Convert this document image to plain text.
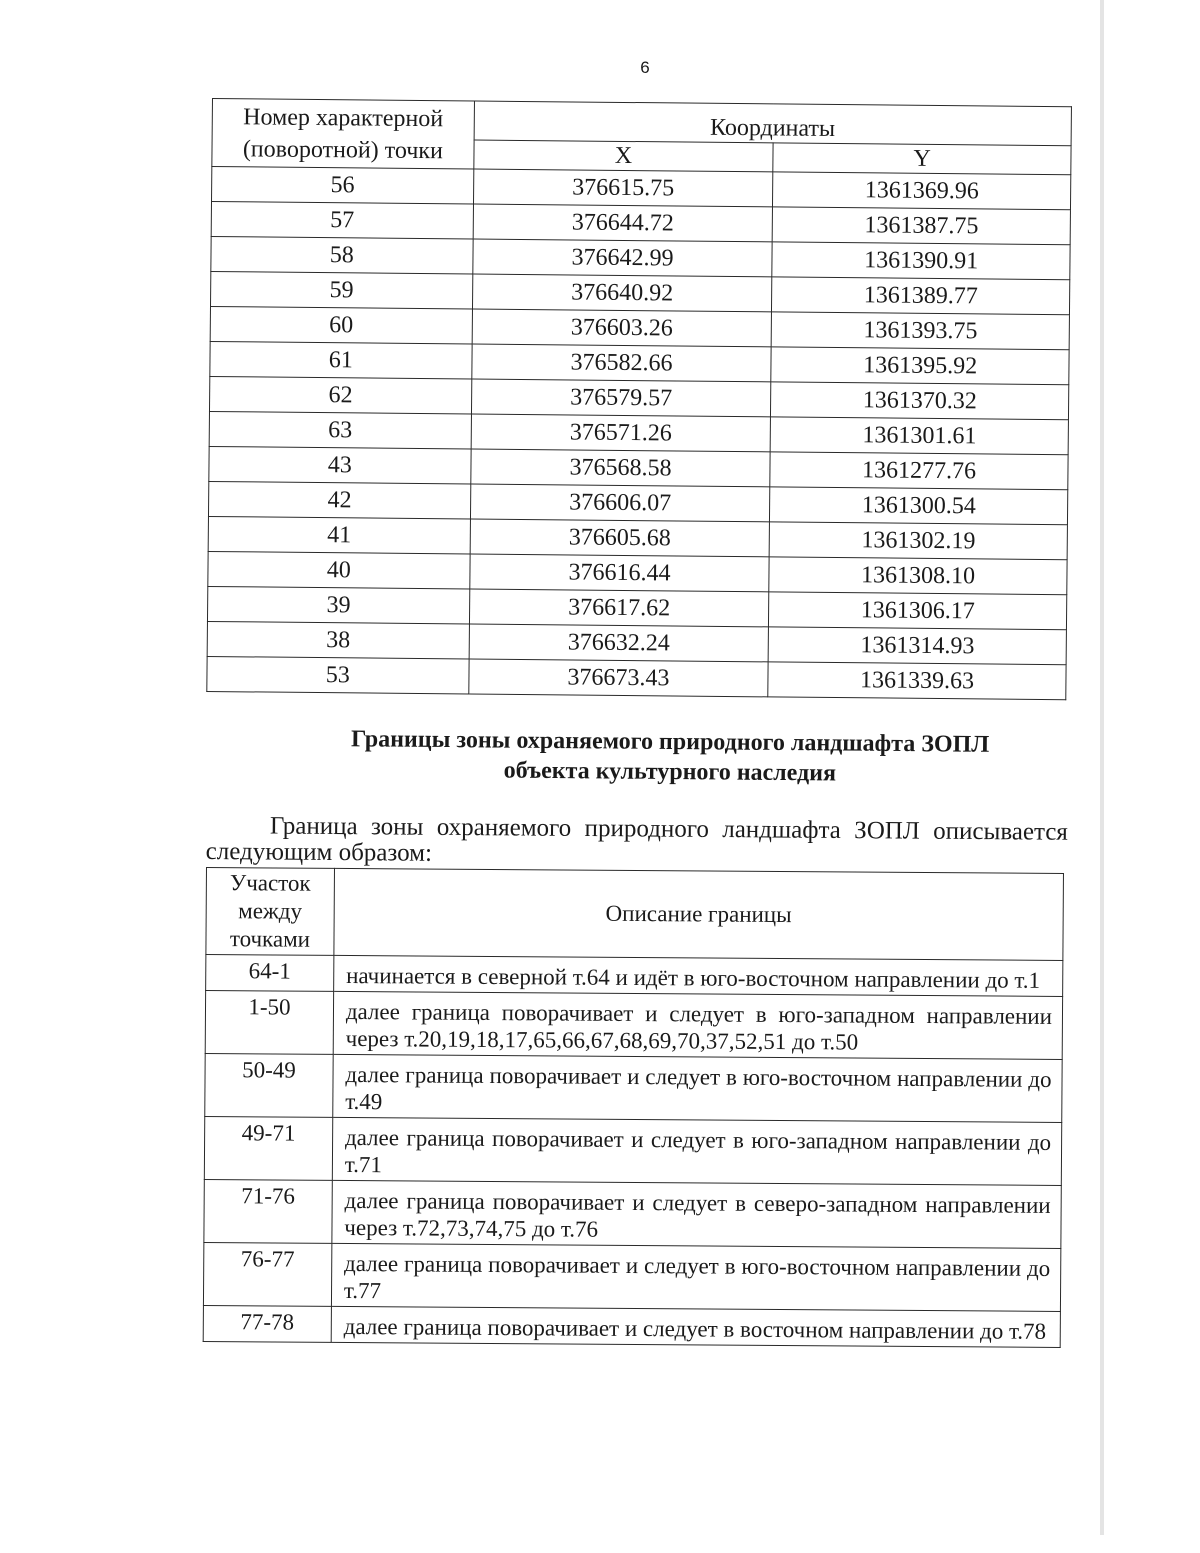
6
Номер характерной (поворотной) точки	Координаты	
	X	Y
56	376615.75	1361369.96
57	376644.72	1361387.75
58	376642.99	1361390.91
59	376640.92	1361389.77
60	376603.26	1361393.75
61	376582.66	1361395.92
62	376579.57	1361370.32
63	376571.26	1361301.61
43	376568.58	1361277.76
42	376606.07	1361300.54
41	376605.68	1361302.19
40	376616.44	1361308.10
39	376617.62	1361306.17
38	376632.24	1361314.93
53	376673.43	1361339.63
Границы зоны охраняемого природного ландшафта ЗОПЛ
объекта культурного наследия
Граница зоны охраняемого природного ландшафта ЗОПЛ описывается следующим образом:
Участок между точками	Описание границы
64-1	начинается в северной т.64 и идёт в юго-восточном направлении до т.1
1-50	далее граница поворачивает и следует в юго-западном направлении через т.20,19,18,17,65,66,67,68,69,70,37,52,51 до т.50
50-49	далее граница поворачивает и следует в юго-восточном направлении до т.49
49-71	далее граница поворачивает и следует в юго-западном направлении до т.71
71-76	далее граница поворачивает и следует в северо-западном направлении через т.72,73,74,75 до т.76
76-77	далее граница поворачивает и следует в юго-восточном направлении до т.77
77-78	далее граница поворачивает и следует в восточном направлении до т.78
